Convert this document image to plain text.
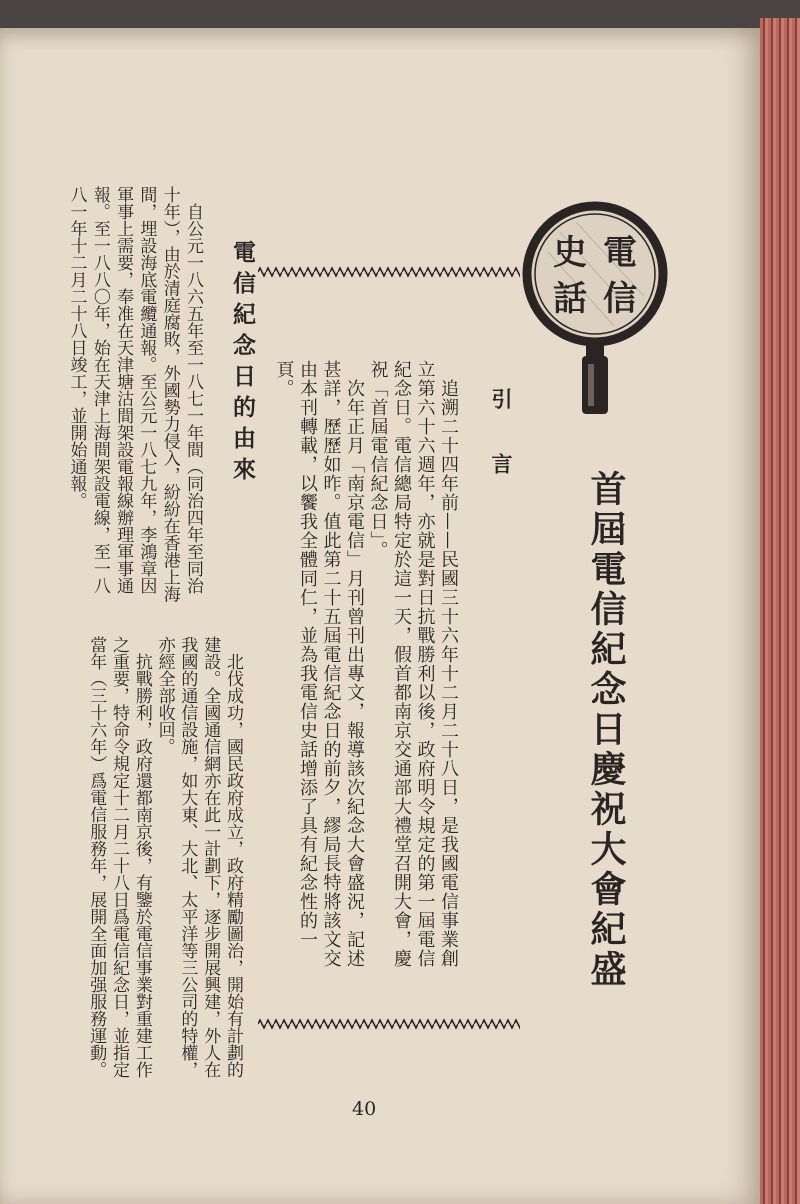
電
信
史
話
首屆電信紀念日慶祝大會紀盛
引言
　追溯二十四年前——民國三十六年十二月二十八日，是我國電信事業創立第六十六週年，亦就是對日抗戰勝利以後，政府明令規定的第一屆電信紀念日。電信總局特定於這一天，假首都南京交通部大禮堂召開大會，慶祝「首屆電信紀念日」。
　次年正月「南京電信」月刊曾刊出專文，報導該次紀念大會盛況，記述甚詳，歷歷如昨。值此第二十五屆電信紀念日的前夕，繆局長特將該文交由本刊轉載，以饗我全體同仁，並為我電信史話增添了具有紀念性的一頁。
電信紀念日的由來
　自公元一八六五年至一八七一年間（同治四年至同治十年），由於清庭腐敗，外國勢力侵入，紛紛在香港上海間，埋設海底電纜通報。至公元一八七九年，李鴻章因軍事上需要，奉准在天津塘沽間架設電報線辦理軍事通報。至一八八〇年，始在天津上海間架設電線，至一八八一年十二月二十八日竣工，並開始通報。
　北伐成功，國民政府成立，政府精勵圖治，開始有計劃的建設。全國通信網亦在此一計劃下，逐步開展興建，外人在我國的通信設施，如大東、大北、太平洋等三公司的特權，亦經全部收回。
　抗戰勝利，政府還都南京後，有鑒於電信事業對重建工作之重要，特命令規定十二月二十八日爲電信紀念日，並指定當年（三十六年）爲電信服務年，展開全面加强服務運動。
40
